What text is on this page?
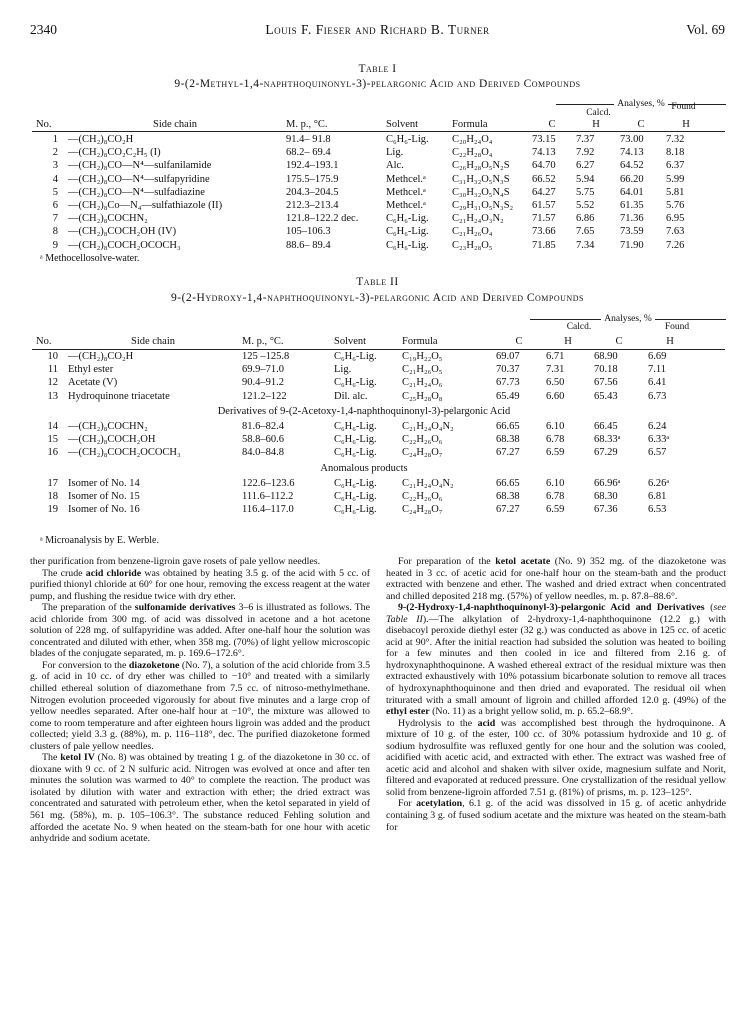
2340	Louis F. Fieser and Richard B. Turner	Vol. 69
Table I
9-(2-Methyl-1,4-naphthoquinonyl-3)-pelargonic Acid and Derived Compounds
Analyses, %
Calcd.
Found
No.	Side chain	M. p., °C.	Solvent	Formula	C	H	C	H
1	—(CH₂)₈CO₂H	91.4– 91.8	C₆H₆-Lig.	C₂₀H₂₄O₄	73.15	7.37	73.00	7.32
2	—(CH₂)₈CO₂C₂H₅ (I)	68.2– 69.4	Lig.	C₂₂H₂₈O₄	74.13	7.92	74.13	8.18
3	—(CH₂)₈CO—N⁴—sulfanilamide	192.4–193.1	Alc.	C₂₆H₂₈O₅N₂S	64.70	6.27	64.52	6.37
4	—(CH₂)₈CO—N⁴—sulfapyridine	175.5–175.9	Methcel.ᵃ	C₃₁H₃₂O₅N₃S	66.52	5.94	66.20	5.99
5	—(CH₂)₈CO—N⁴—sulfadiazine	204.3–204.5	Methcel.ᵃ	C₃₀H₃₂O₅N₄S	64.27	5.75	64.01	5.81
6	—(CH₂)₈Co—N₄—sulfathiazole (II)	212.3–213.4	Methcel.ᵃ	C₂₉H₃₁O₅N₃S₂	61.57	5.52	61.35	5.76
7	—(CH₂)₈COCHN₂	121.8–122.2 dec.	C₆H₆-Lig.	C₂₁H₂₄O₃N₂	71.57	6.86	71.36	6.95
8	—(CH₂)₈COCH₂OH (IV)	105–106.3	C₆H₆-Lig.	C₂₁H₂₆O₄	73.66	7.65	73.59	7.63
9	—(CH₂)₈COCH₂OCOCH₃	88.6– 89.4	C₆H₆-Lig.	C₂₃H₂₈O₅	71.85	7.34	71.90	7.26
ᵃ Methocellosolve-water.
Table II
9-(2-Hydroxy-1,4-naphthoquinonyl-3)-pelargonic Acid and Derived Compounds
Analyses, %
Calcd.	Found
No.	Side chain	M. p., °C.	Solvent	Formula	C	H	C	H
10	—(CH₂)₈CO₂H	125 –125.8	C₆H₆-Lig.	C₁₉H₂₂O₅	69.07	6.71	68.90	6.69
11	Ethyl ester	69.9–71.0	Lig.	C₂₁H₂₆O₅	70.37	7.31	70.18	7.11
12	Acetate (V)	90.4–91.2	C₆H₆-Lig.	C₂₁H₂₄O₆	67.73	6.50	67.56	6.41
13	Hydroquinone triacetate	121.2–122	Dil. alc.	C₂₅H₂₈O₈	65.49	6.60	65.43	6.73
Derivatives of 9-(2-Acetoxy-1,4-naphthoquinonyl-3)-pelargonic Acid								
14	—(CH₂)₈COCHN₂	81.6–82.4	C₆H₆-Lig.	C₂₁H₂₄O₄N₂	66.65	6.10	66.45	6.24
15	—(CH₂)₈COCH₂OH	58.8–60.6	C₆H₆-Lig.	C₂₂H₂₆O₆	68.38	6.78	68.33ᵃ	6.33ᵃ
16	—(CH₂)₈COCH₂OCOCH₃	84.0–84.8	C₆H₆-Lig.	C₂₄H₂₈O₇	67.27	6.59	67.29	6.57
Anomalous products								
17	Isomer of No. 14	122.6–123.6	C₆H₆-Lig.	C₂₁H₂₄O₄N₂	66.65	6.10	66.96ᵃ	6.26ᵃ
18	Isomer of No. 15	111.6–112.2	C₆H₆-Lig.	C₂₂H₂₆O₆	68.38	6.78	68.30	6.81
19	Isomer of No. 16	116.4–117.0	C₆H₆-Lig.	C₂₄H₂₈O₇	67.27	6.59	67.36	6.53
ᵃ Microanalysis by E. Werble.

ther purification from benzene-ligroin gave rosets of pale yellow needles.

The crude acid chloride was obtained by heating 3.5 g. of the acid with 5 cc. of purified thionyl chloride at 60° for one hour, removing the excess reagent at the water pump, and flushing the residue twice with dry ether.

The preparation of the sulfonamide derivatives 3–6 is illustrated as follows. The acid chloride from 300 mg. of acid was dissolved in acetone and a hot acetone solution of 228 mg. of sulfapyridine was added. After one-half hour the solution was concentrated and diluted with ether, when 358 mg. (70%) of light yellow microscopic blades of the conjugate separated, m. p. 169.6–172.6°.

For conversion to the diazoketone (No. 7), a solution of the acid chloride from 3.5 g. of acid in 10 cc. of dry ether was chilled to −10° and treated with a similarly chilled ethereal solution of diazomethane from 7.5 cc. of nitroso-methylmethane. Nitrogen evolution proceeded vigorously for about five minutes and a large crop of yellow needles separated. After one-half hour at −10°, the mixture was allowed to come to room temperature and after eighteen hours ligroin was added and the product collected; yield 3.3 g. (88%), m. p. 116–118°, dec. The purified diazoketone formed clusters of pale yellow needles.

The ketol IV (No. 8) was obtained by treating 1 g. of the diazoketone in 30 cc. of dioxane with 9 cc. of 2 N sulfuric acid. Nitrogen was evolved at once and after ten minutes the solution was warmed to 40° to complete the reaction. The product was isolated by dilution with water and extraction with ether; the dried extract was concentrated and saturated with petroleum ether, when the ketol separated in yield of 561 mg. (58%), m. p. 105–106.3°. The substance reduced Fehling solution and afforded the acetate No. 9 when heated on the steam-bath for one hour with acetic anhydride and sodium acetate.

For preparation of the ketol acetate (No. 9) 352 mg. of the diazoketone was heated in 3 cc. of acetic acid for one-half hour on the steam-bath and the product extracted with benzene and ether. The washed and dried extract when concentrated and chilled deposited 218 mg. (57%) of yellow needles, m. p. 87.8–88.6°.

9-(2-Hydroxy-1,4-naphthoquinonyl-3)-pelargonic Acid and Derivatives (see Table II).—The alkylation of 2-hydroxy-1,4-naphthoquinone (12.2 g.) with disebacoyl peroxide diethyl ester (32 g.) was conducted as above in 125 cc. of acetic acid at 90°. After the initial reaction had subsided the solution was heated to boiling for a few minutes and then cooled in ice and filtered from 2.16 g. of hydroxynaphthoquinone. A washed ethereal extract of the residual mixture was then extracted exhaustively with 10% potassium bicarbonate solution to remove all traces of hydroxynaphthoquinone and then dried and evaporated. The residual oil when triturated with a small amount of ligroin and chilled afforded 12.0 g. (49%) of the ethyl ester (No. 11) as a bright yellow solid, m. p. 65.2–68.9°.

Hydrolysis to the acid was accomplished best through the hydroquinone. A mixture of 10 g. of the ester, 100 cc. of 30% potassium hydroxide and 10 g. of sodium hydrosulfite was refluxed gently for one hour and the solution was cooled, acidified with acetic acid, and extracted with ether. The extract was washed free of acetic acid and alcohol and shaken with silver oxide, magnesium sulfate and Norit, filtered and evaporated at reduced pressure. One crystallization of the residual yellow solid from benzene-ligroin afforded 7.51 g. (81%) of prisms, m. p. 123–125°.

For acetylation, 6.1 g. of the acid was dissolved in 15 g. of acetic anhydride containing 3 g. of fused sodium acetate and the mixture was heated on the steam-bath for
